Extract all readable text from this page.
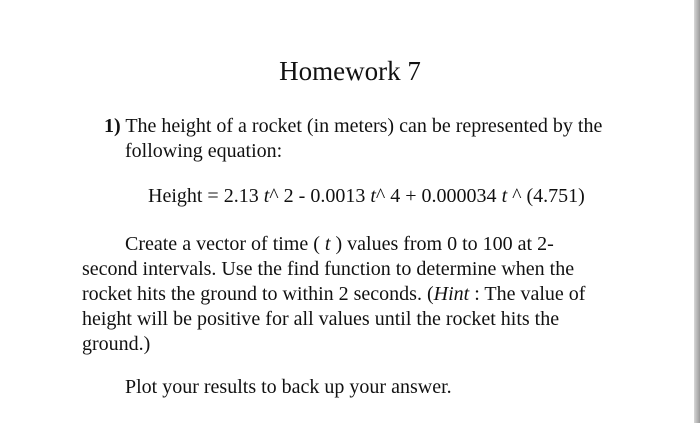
Homework 7
1) The height of a rocket (in meters) can be represented by the
following equation:
Height = 2.13 t^ 2 - 0.0013 t^ 4 + 0.000034 t ^ (4.751)
Create a vector of time ( t ) values from 0 to 100 at 2-
second intervals. Use the find function to determine when the
rocket hits the ground to within 2 seconds. (Hint : The value of
height will be positive for all values until the rocket hits the
ground.)
Plot your results to back up your answer.
